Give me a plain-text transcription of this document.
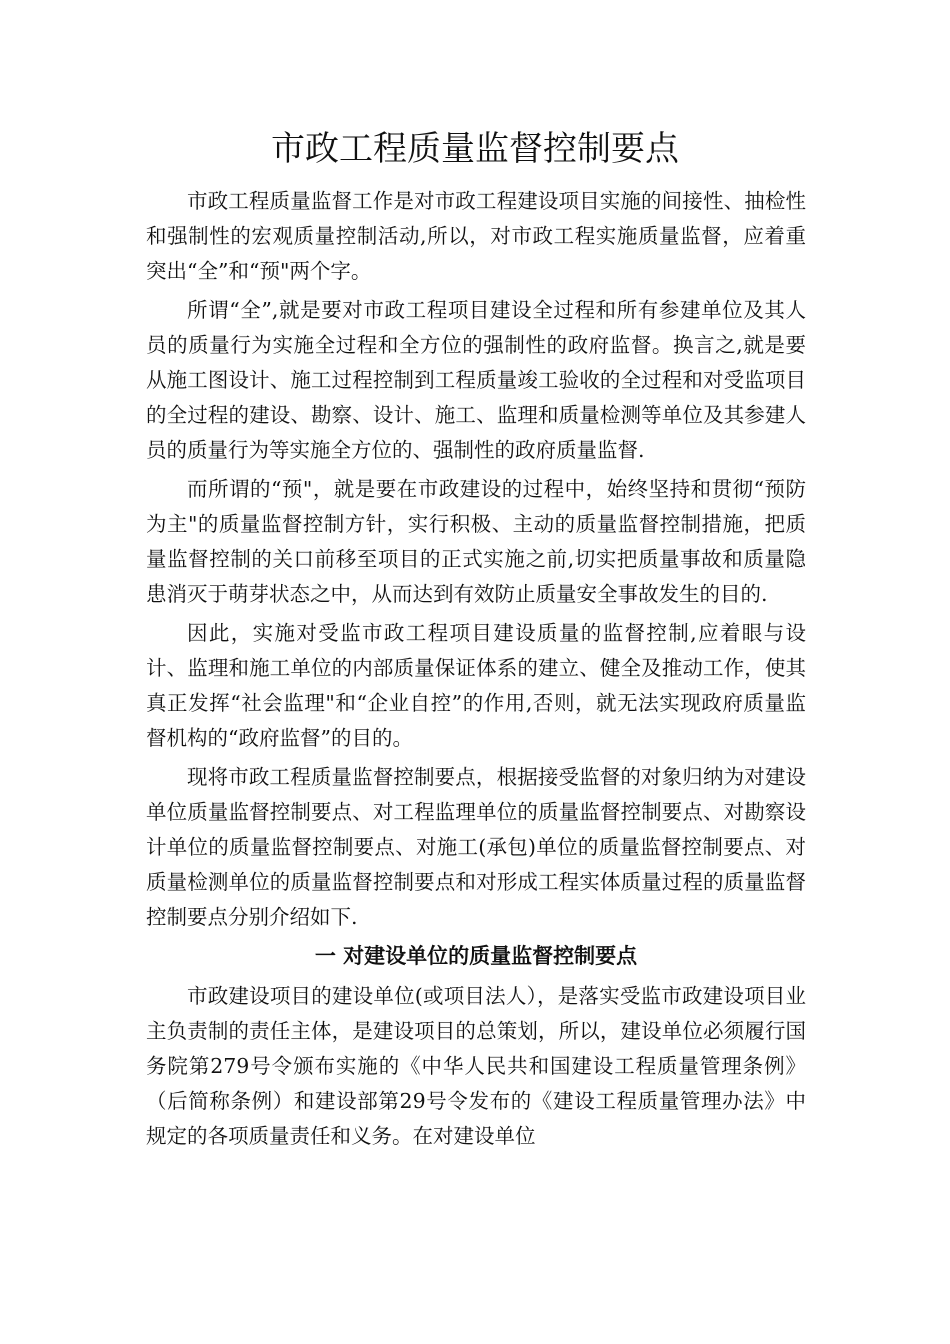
市政工程质量监督控制要点

市政工程质量监督工作是对市政工程建设项目实施的间接性、抽检性和强制性的宏观质量控制活动,所以，对市政工程实施质量监督，应着重突出“全”和“预"两个字。

所谓“全”,就是要对市政工程项目建设全过程和所有参建单位及其人员的质量行为实施全过程和全方位的强制性的政府监督。换言之,就是要从施工图设计、施工过程控制到工程质量竣工验收的全过程和对受监项目的全过程的建设、勘察、设计、施工、监理和质量检测等单位及其参建人员的质量行为等实施全方位的、强制性的政府质量监督.

而所谓的“预"，就是要在市政建设的过程中，始终坚持和贯彻“预防为主"的质量监督控制方针，实行积极、主动的质量监督控制措施，把质量监督控制的关口前移至项目的正式实施之前,切实把质量事故和质量隐患消灭于萌芽状态之中，从而达到有效防止质量安全事故发生的目的.

因此，实施对受监市政工程项目建设质量的监督控制,应着眼与设计、监理和施工单位的内部质量保证体系的建立、健全及推动工作，使其真正发挥“社会监理"和“企业自控”的作用,否则，就无法实现政府质量监督机构的“政府监督”的目的。

现将市政工程质量监督控制要点，根据接受监督的对象归纳为对建设单位质量监督控制要点、对工程监理单位的质量监督控制要点、对勘察设计单位的质量监督控制要点、对施工(承包)单位的质量监督控制要点、对质量检测单位的质量监督控制要点和对形成工程实体质量过程的质量监督控制要点分别介绍如下.

一 对建设单位的质量监督控制要点

市政建设项目的建设单位(或项目法人），是落实受监市政建设项目业主负责制的责任主体，是建设项目的总策划，所以，建设单位必须履行国务院第279号令颁布实施的《中华人民共和国建设工程质量管理条例》（后简称条例）和建设部第29号令发布的《建设工程质量管理办法》中规定的各项质量责任和义务。在对建设单位
